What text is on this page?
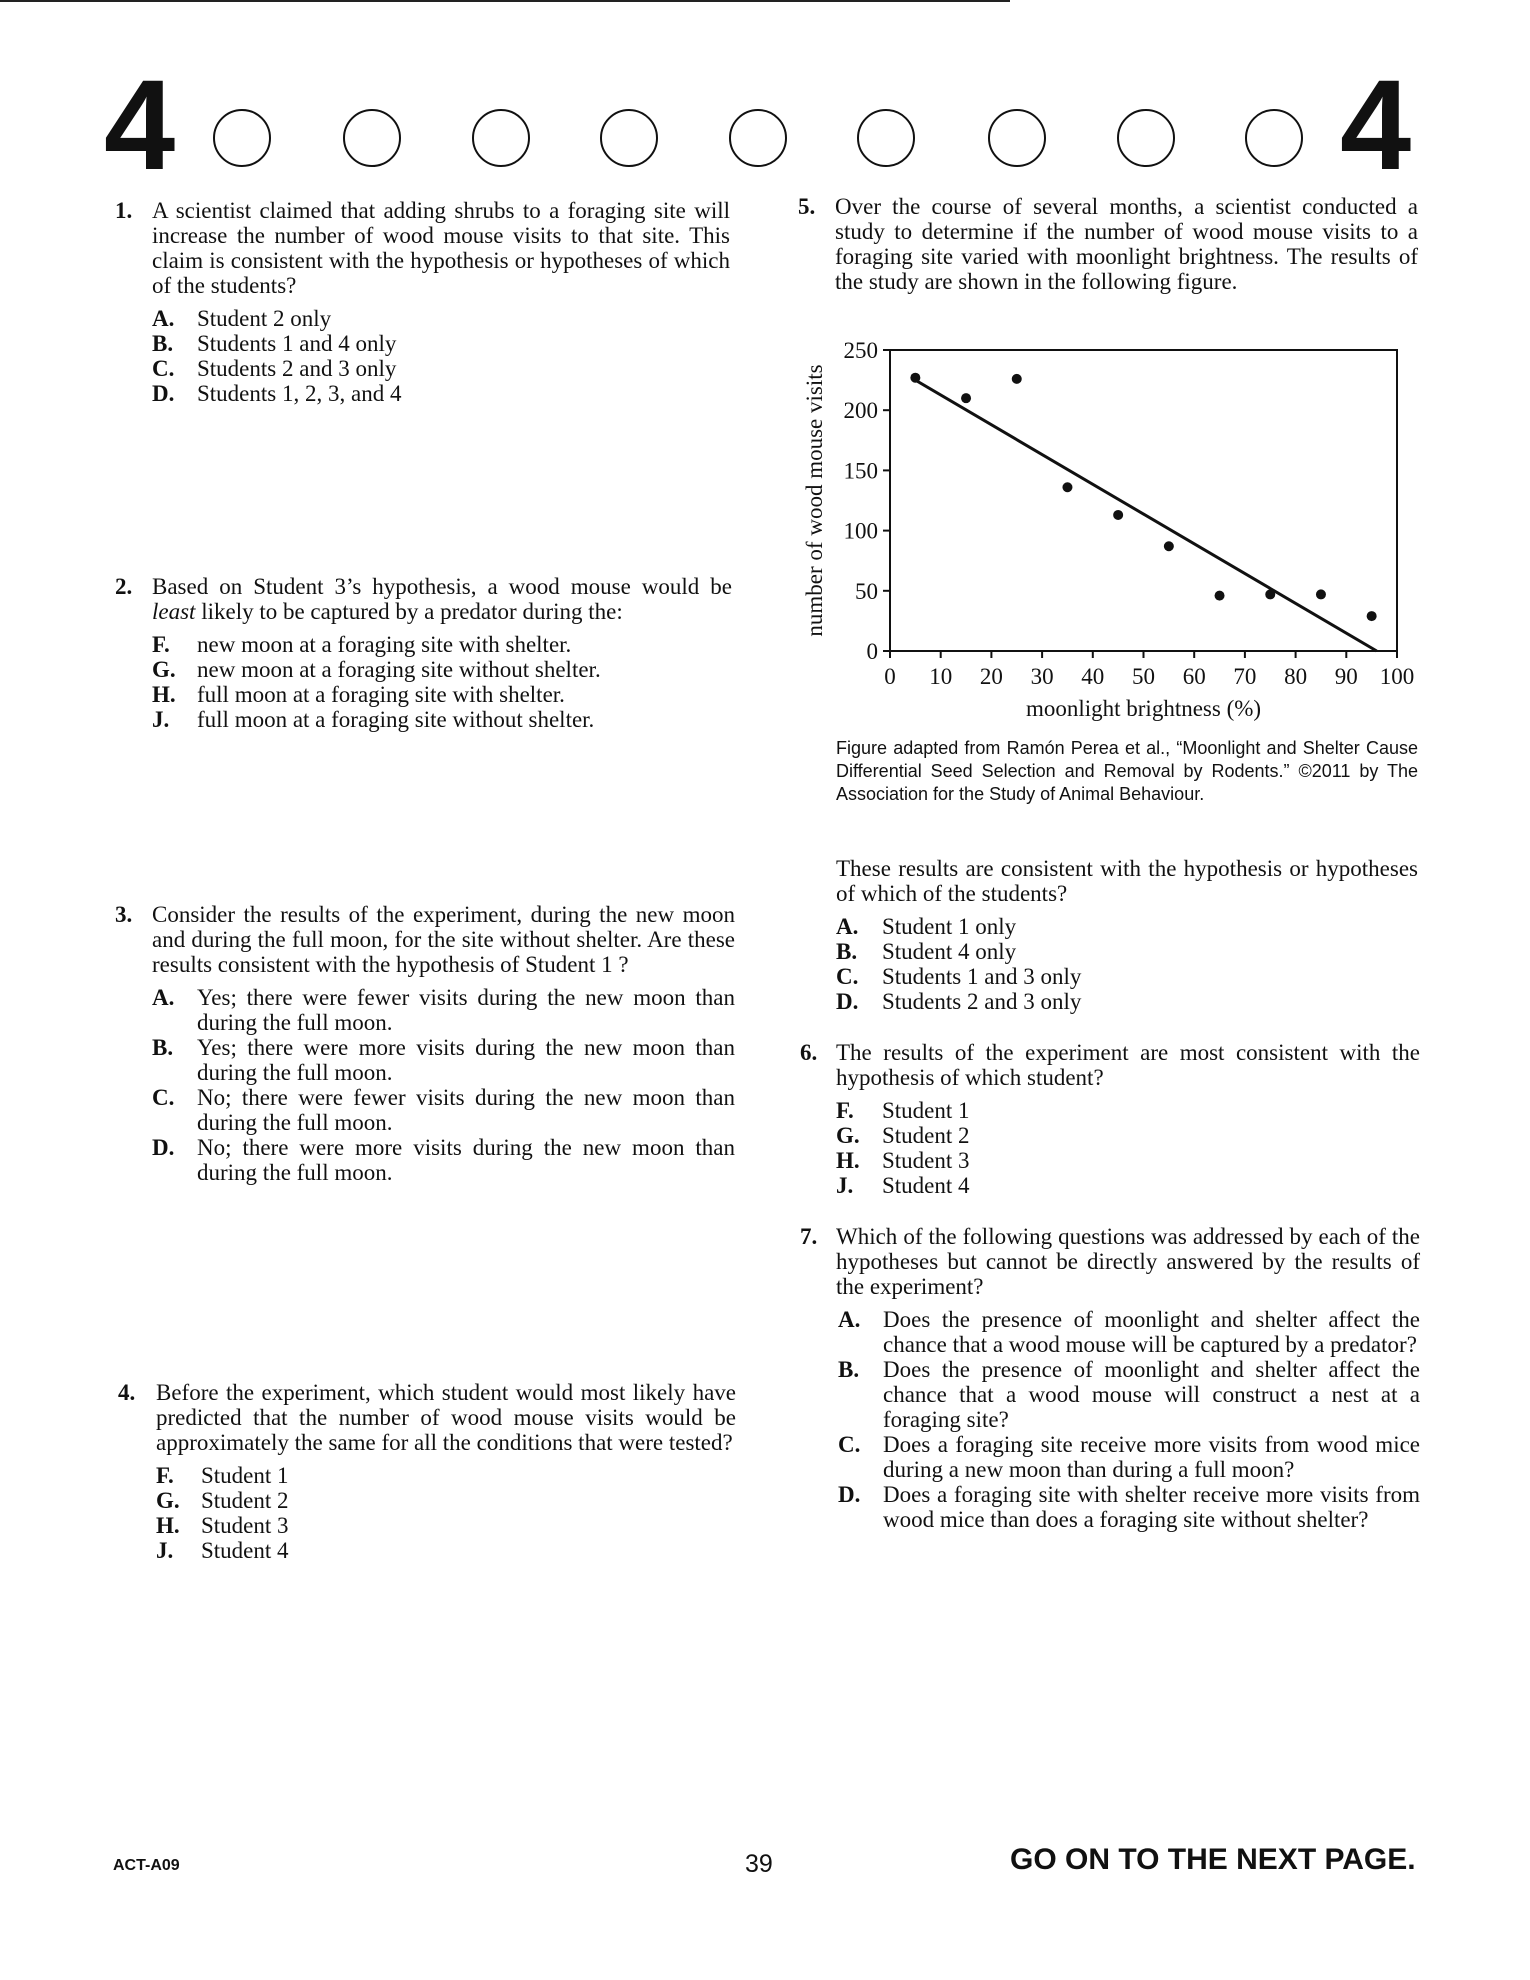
4	4
1. A scientist claimed that adding shrubs to a foraging site will increase the number of wood mouse visits to that site. This claim is consistent with the hypothesis or hypotheses of which of the students?
A. Student 2 only
B.	Students 1 and 4 only
C. Students 2 and 3 only
D. Students 1, 2, 3, and 4
2. Based on Student 3’s hypothesis, a wood mouse would be least likely to be captured by a predator during the:
F.	new moon at a foraging site with shelter.
G. new moon at a foraging site without shelter.
H. full moon at a foraging site with shelter.
J.	full moon at a foraging site without shelter.
3. Consider the results of the experiment, during the new moon and during the full moon, for the site without shelter. Are these results consistent with the hypothesis of Student 1 ?
A. Yes; there were fewer visits during the new moon than during the full moon.
B.	Yes; there were more visits during the new moon than during the full moon.
C. No; there were fewer visits during the new moon than during the full moon.
D. No; there were more visits during the new moon than during the full moon.
4. Before the experiment, which student would most likely have predicted that the number of wood mouse visits would be approximately the same for all the conditions that were tested?
F.	Student 1
G. Student 2
H. Student 3
J.	Student 4
5. Over the course of several months, a scientist conducted a study to determine if the number of wood mouse visits to a foraging site varied with moonlight brightness. The results of the study are shown in the following figure.
0 10 20 30 40 50 60 70 80 90 100
0
50
100
150
200
250
moonlight brightness (%)
number of wood mouse visits
Figure adapted from Ramón Perea et al., “Moonlight and Shelter Cause Differential Seed Selection and Removal by Rodents.” ©2011 by The Association for the Study of Animal Behaviour.
These results are consistent with the hypothesis or hypotheses of which of the students?
A.	Student 1 only
B.	Student 4 only
C.	Students 1 and 3 only
D.	Students 2 and 3 only
6. The results of the experiment are most consistent with the hypothesis of which student?
F.	Student 1
G. Student 2
H. Student 3
J.	Student 4
7. Which of the following questions was addressed by each of the hypotheses but cannot be directly answered by the results of the experiment?
A. Does the presence of moonlight and shelter affect the chance that a wood mouse will be captured by a predator?
B.	Does the presence of moonlight and shelter affect the chance that a wood mouse will construct a nest at a foraging site?
C. Does a foraging site receive more visits from wood mice during a new moon than during a full moon?
D. Does a foraging site with shelter receive more visits from wood mice than does a foraging site without shelter?
ACT-A09	39	GO ON TO THE NEXT PAGE.
